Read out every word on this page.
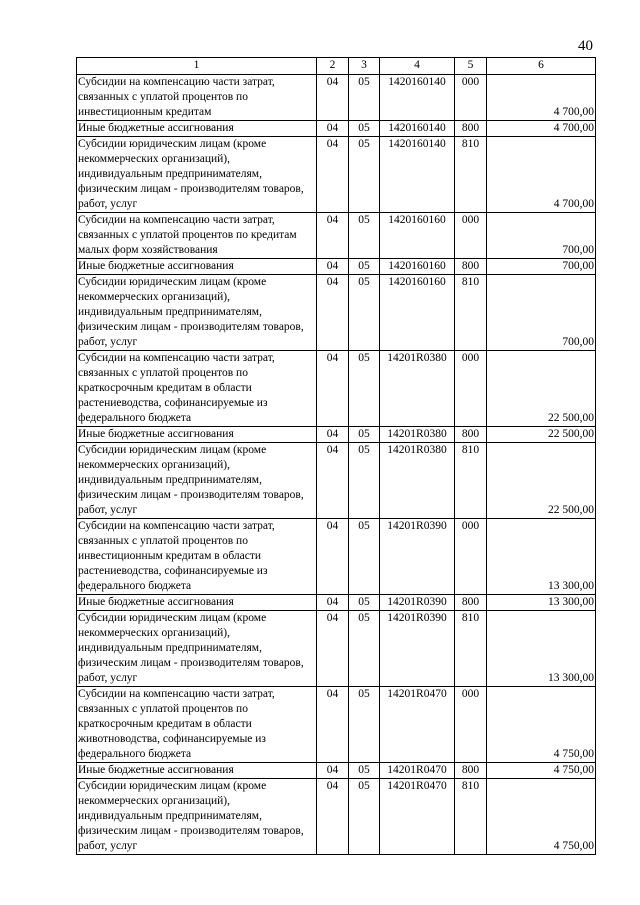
40
1	2	3	4	5	6
Субсидии на компенсацию части затрат, связанных с уплатой процентов по инвестиционным кредитам	04	05	1420160140	000	4 700,00
Иные бюджетные ассигнования	04	05	1420160140	800	4 700,00
Субсидии юридическим лицам (кроме некоммерческих организаций), индивидуальным предпринимателям, физическим лицам - производителям товаров, работ, услуг	04	05	1420160140	810	4 700,00
Субсидии на компенсацию части затрат, связанных с уплатой процентов по кредитам малых форм хозяйствования	04	05	1420160160	000	700,00
Иные бюджетные ассигнования	04	05	1420160160	800	700,00
Субсидии юридическим лицам (кроме некоммерческих организаций), индивидуальным предпринимателям, физическим лицам - производителям товаров, работ, услуг	04	05	1420160160	810	700,00
Субсидии на компенсацию части затрат, связанных с уплатой процентов по краткосрочным кредитам в области растениеводства, софинансируемые из федерального бюджета	04	05	14201R0380	000	22 500,00
Иные бюджетные ассигнования	04	05	14201R0380	800	22 500,00
Субсидии юридическим лицам (кроме некоммерческих организаций), индивидуальным предпринимателям, физическим лицам - производителям товаров, работ, услуг	04	05	14201R0380	810	22 500,00
Субсидии на компенсацию части затрат, связанных с уплатой процентов по инвестиционным кредитам в области растениеводства, софинансируемые из федерального бюджета	04	05	14201R0390	000	13 300,00
Иные бюджетные ассигнования	04	05	14201R0390	800	13 300,00
Субсидии юридическим лицам (кроме некоммерческих организаций), индивидуальным предпринимателям, физическим лицам - производителям товаров, работ, услуг	04	05	14201R0390	810	13 300,00
Субсидии на компенсацию части затрат, связанных с уплатой процентов по краткосрочным кредитам в области животноводства, софинансируемые из федерального бюджета	04	05	14201R0470	000	4 750,00
Иные бюджетные ассигнования	04	05	14201R0470	800	4 750,00
Субсидии юридическим лицам (кроме некоммерческих организаций), индивидуальным предпринимателям, физическим лицам - производителям товаров, работ, услуг	04	05	14201R0470	810	4 750,00
